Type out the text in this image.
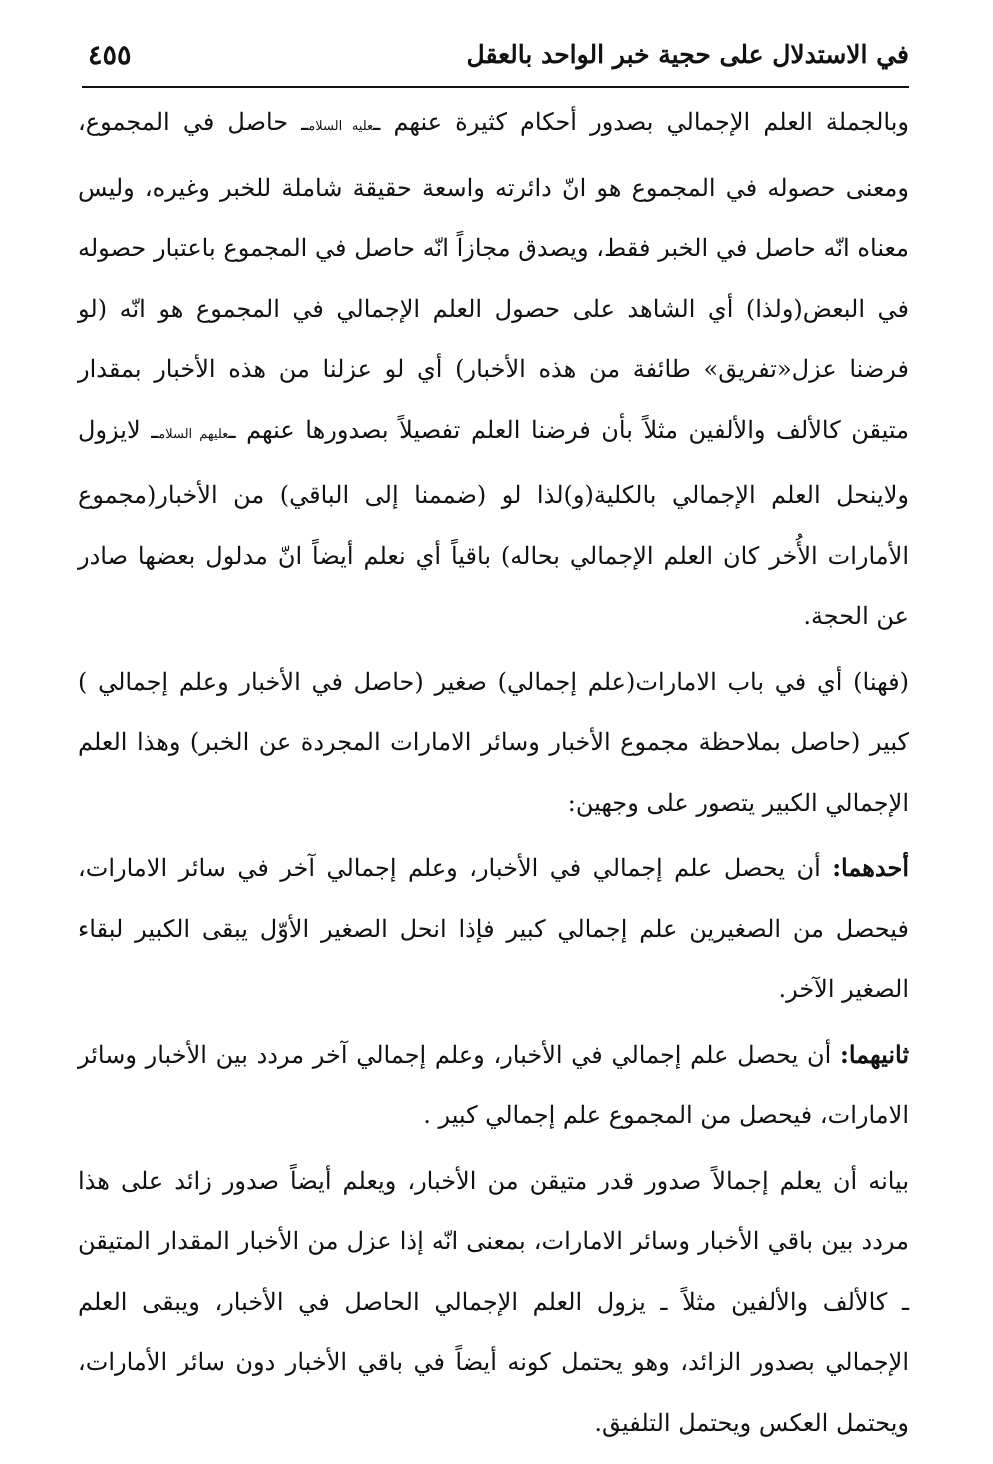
في الاستدلال على حجية خبر الواحد بالعقل
٤٥٥

وبالجملة العلم الإجمالي بصدور أحكام كثيرة عنهم ـعليه السلامـ حاصل في المجموع، ومعنى حصوله في المجموع هو انّ دائرته واسعة حقيقة شاملة للخبر وغيره، وليس معناه انّه حاصل في الخبر فقط، ويصدق مجازاً انّه حاصل في المجموع باعتبار حصوله في البعض(ولذا) أي الشاهد على حصول العلم الإجمالي في المجموع هو انّه (لو فرضنا عزل«تفريق» طائفة من هذه الأخبار) أي لو عزلنا من هذه الأخبار بمقدار متيقن كالألف والألفين مثلاً بأن فرضنا العلم تفصيلاً بصدورها عنهم ـعليهم السلامـ لايزول ولاينحل العلم الإجمالي بالكلية(و)لذا لو (ضممنا إلى الباقي) من الأخبار(مجموع الأمارات الأُخر كان العلم الإجمالي بحاله) باقياً أي نعلم أيضاً انّ مدلول بعضها صادر عن الحجة.

(فهنا) أي في باب الامارات(علم إجمالي) صغير (حاصل في الأخبار وعلم إجمالي ) كبير (حاصل بملاحظة مجموع الأخبار وسائر الامارات المجردة عن الخبر) وهذا العلم الإجمالي الكبير يتصور على وجهين:

أحدهما: أن يحصل علم إجمالي في الأخبار، وعلم إجمالي آخر في سائر الامارات، فيحصل من الصغيرين علم إجمالي كبير فإذا انحل الصغير الأوّل يبقى الكبير لبقاء الصغير الآخر.

ثانيهما: أن يحصل علم إجمالي في الأخبار، وعلم إجمالي آخر مردد بين الأخبار وسائر الامارات، فيحصل من المجموع علم إجمالي كبير .

بيانه أن يعلم إجمالاً صدور قدر متيقن من الأخبار، ويعلم أيضاً صدور زائد على هذا مردد بين باقي الأخبار وسائر الامارات، بمعنى انّه إذا عزل من الأخبار المقدار المتيقن ـ كالألف والألفين مثلاً ـ يزول العلم الإجمالي الحاصل في الأخبار، ويبقى العلم الإجمالي بصدور الزائد، وهو يحتمل كونه أيضاً في باقي الأخبار دون سائر الأمارات، ويحتمل العكس ويحتمل التلفيق.
